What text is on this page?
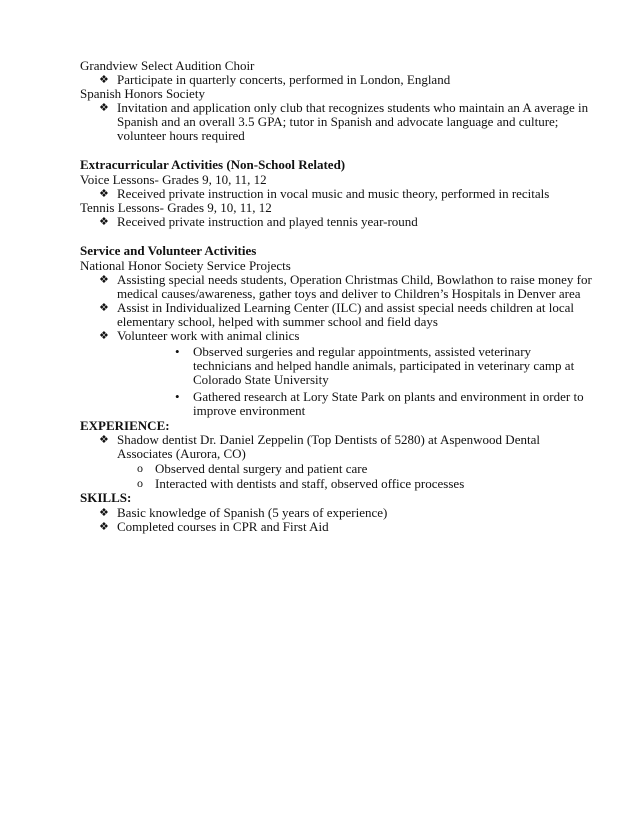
Grandview Select Audition Choir
❖ Participate in quarterly concerts, performed in London, England
Spanish Honors Society
❖ Invitation and application only club that recognizes students who maintain an A average in
Spanish and an overall 3.5 GPA; tutor in Spanish and advocate language and culture;
volunteer hours required
Extracurricular Activities (Non-School Related)
Voice Lessons- Grades 9, 10, 11, 12
❖ Received private instruction in vocal music and music theory, performed in recitals
Tennis Lessons- Grades 9, 10, 11, 12
❖ Received private instruction and played tennis year-round
Service and Volunteer Activities
National Honor Society Service Projects
❖ Assisting special needs students, Operation Christmas Child, Bowlathon to raise money for
medical causes/awareness, gather toys and deliver to Children’s Hospitals in Denver area
❖ Assist in Individualized Learning Center (ILC) and assist special needs children at local
elementary school, helped with summer school and field days
❖ Volunteer work with animal clinics
• Observed surgeries and regular appointments, assisted veterinary
technicians and helped handle animals, participated in veterinary camp at
Colorado State University
• Gathered research at Lory State Park on plants and environment in order to
improve environment
EXPERIENCE:
❖ Shadow dentist Dr. Daniel Zeppelin (Top Dentists of 5280) at Aspenwood Dental
Associates (Aurora, CO)
o Observed dental surgery and patient care
o Interacted with dentists and staff, observed office processes
SKILLS:
❖ Basic knowledge of Spanish (5 years of experience)
❖ Completed courses in CPR and First Aid
